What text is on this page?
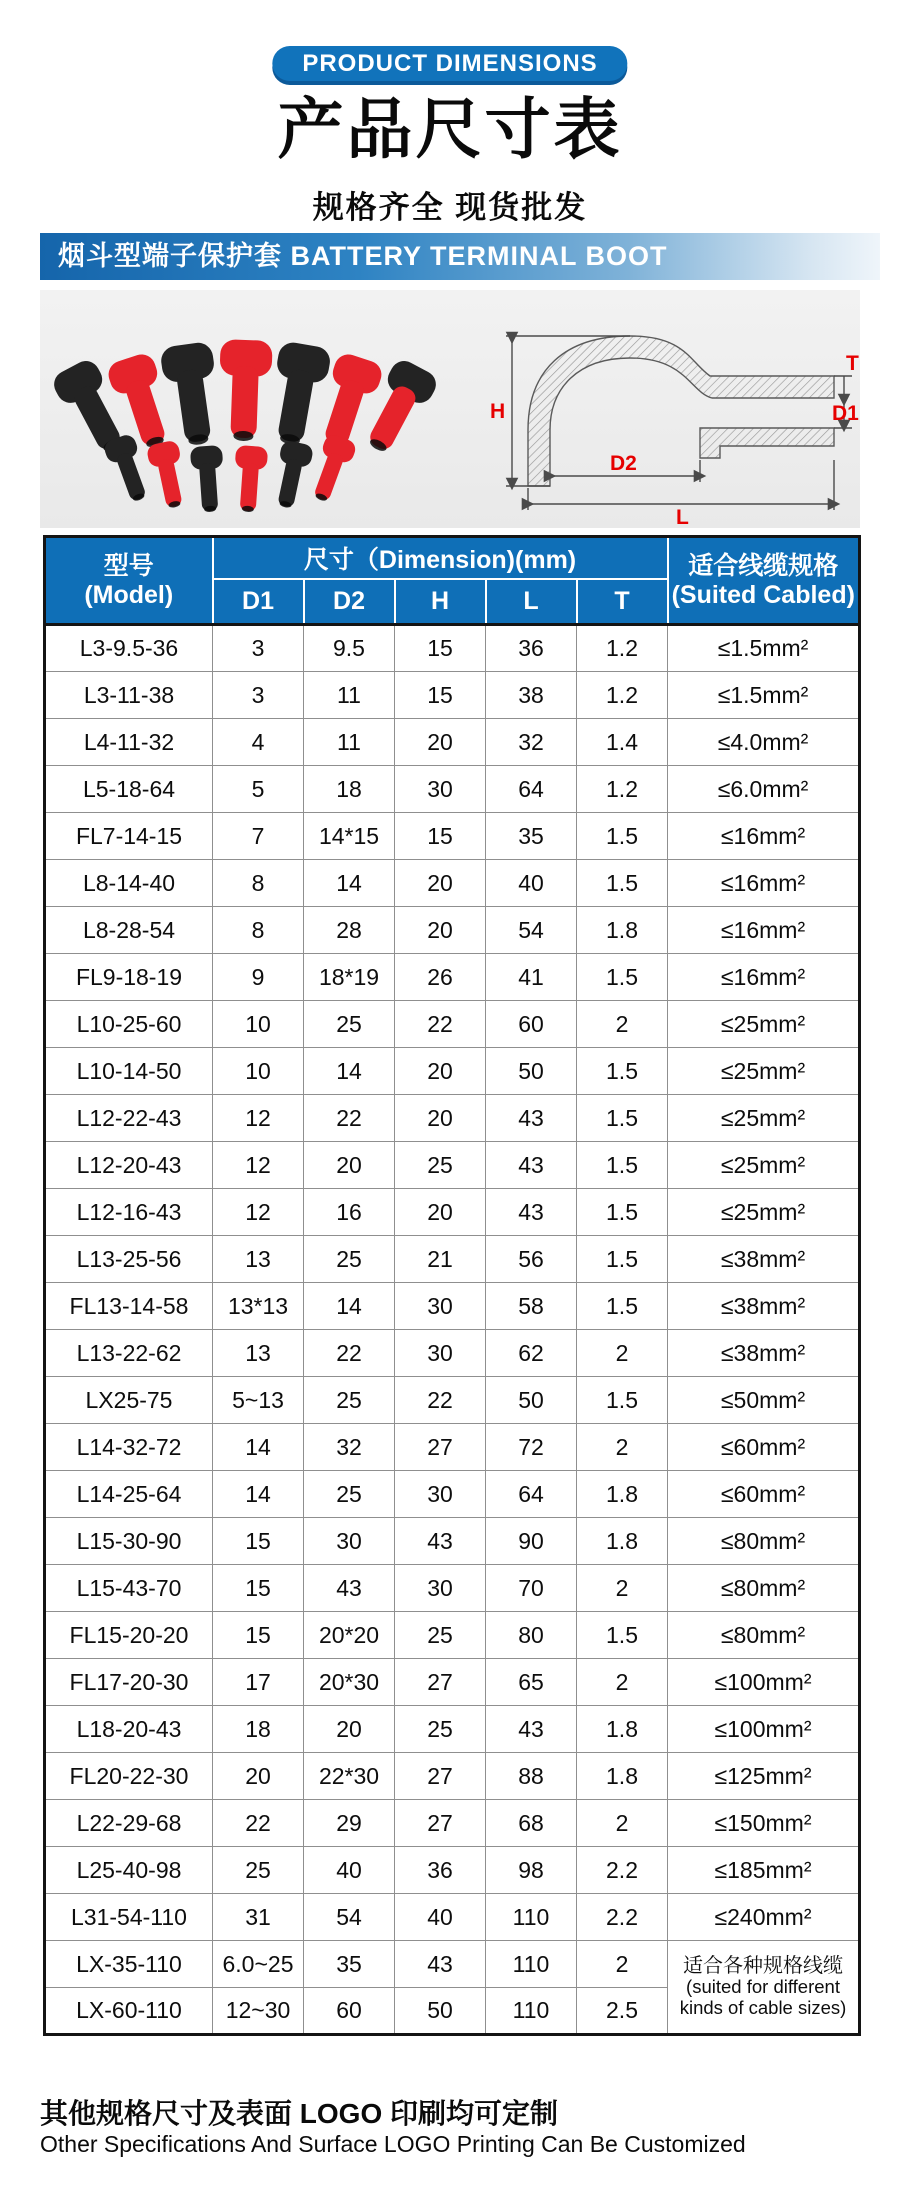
PRODUCT DIMENSIONS
产品尺寸表
规格齐全 现货批发
烟斗型端子保护套 BATTERY TERMINAL BOOT
H
D2
L
T
D1
型号
(Model)	尺寸（Dimension)(mm)					适合线缆规格
(Suited Cabled)

	D1	D2	H	L	T	
L3-9.5-36	3	9.5	15	36	1.2	≤1.5mm²
L3-11-38	3	11	15	38	1.2	≤1.5mm²
L4-11-32	4	11	20	32	1.4	≤4.0mm²
L5-18-64	5	18	30	64	1.2	≤6.0mm²
FL7-14-15	7	14*15	15	35	1.5	≤16mm²
L8-14-40	8	14	20	40	1.5	≤16mm²
L8-28-54	8	28	20	54	1.8	≤16mm²
FL9-18-19	9	18*19	26	41	1.5	≤16mm²
L10-25-60	10	25	22	60	2	≤25mm²
L10-14-50	10	14	20	50	1.5	≤25mm²
L12-22-43	12	22	20	43	1.5	≤25mm²
L12-20-43	12	20	25	43	1.5	≤25mm²
L12-16-43	12	16	20	43	1.5	≤25mm²
L13-25-56	13	25	21	56	1.5	≤38mm²
FL13-14-58	13*13	14	30	58	1.5	≤38mm²
L13-22-62	13	22	30	62	2	≤38mm²
LX25-75	5~13	25	22	50	1.5	≤50mm²
L14-32-72	14	32	27	72	2	≤60mm²
L14-25-64	14	25	30	64	1.8	≤60mm²
L15-30-90	15	30	43	90	1.8	≤80mm²
L15-43-70	15	43	30	70	2	≤80mm²
FL15-20-20	15	20*20	25	80	1.5	≤80mm²
FL17-20-30	17	20*30	27	65	2	≤100mm²
L18-20-43	18	20	25	43	1.8	≤100mm²
FL20-22-30	20	22*30	27	88	1.8	≤125mm²
L22-29-68	22	29	27	68	2	≤150mm²
L25-40-98	25	40	36	98	2.2	≤185mm²
L31-54-110	31	54	40	110	2.2	≤240mm²
LX-35-110	6.0~25	35	43	110	2	适合各种规格线缆
(suited for different
kinds of cable sizes)

LX-60-110	12~30	60	50	110	2.5	
其他规格尺寸及表面 LOGO 印刷均可定制
Other Specifications And Surface LOGO Printing Can Be Customized
